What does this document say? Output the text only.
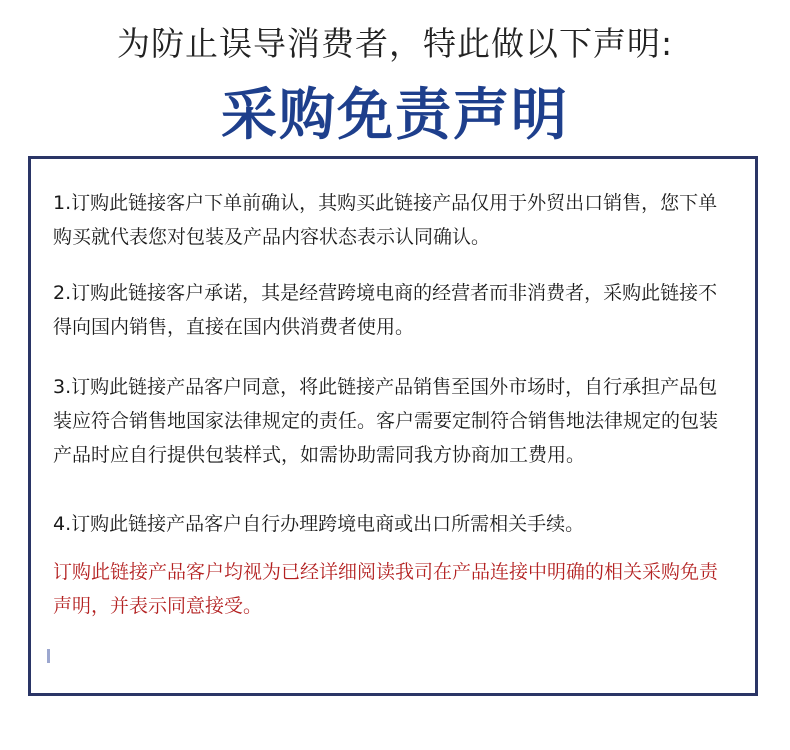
为防止误导消费者，特此做以下声明:
采购免责声明

1.订购此链接客户下单前确认，其购买此链接产品仅用于外贸出口销售，您下单购买就代表您对包装及产品内容状态表示认同确认。

2.订购此链接客户承诺，其是经营跨境电商的经营者而非消费者，采购此链接不得向国内销售，直接在国内供消费者使用。

3.订购此链接产品客户同意，将此链接产品销售至国外市场时，自行承担产品包装应符合销售地国家法律规定的责任。客户需要定制符合销售地法律规定的包装产品时应自行提供包装样式，如需协助需同我方协商加工费用。

4.订购此链接产品客户自行办理跨境电商或出口所需相关手续。

订购此链接产品客户均视为已经详细阅读我司在产品连接中明确的相关采购免责声明，并表示同意接受。
